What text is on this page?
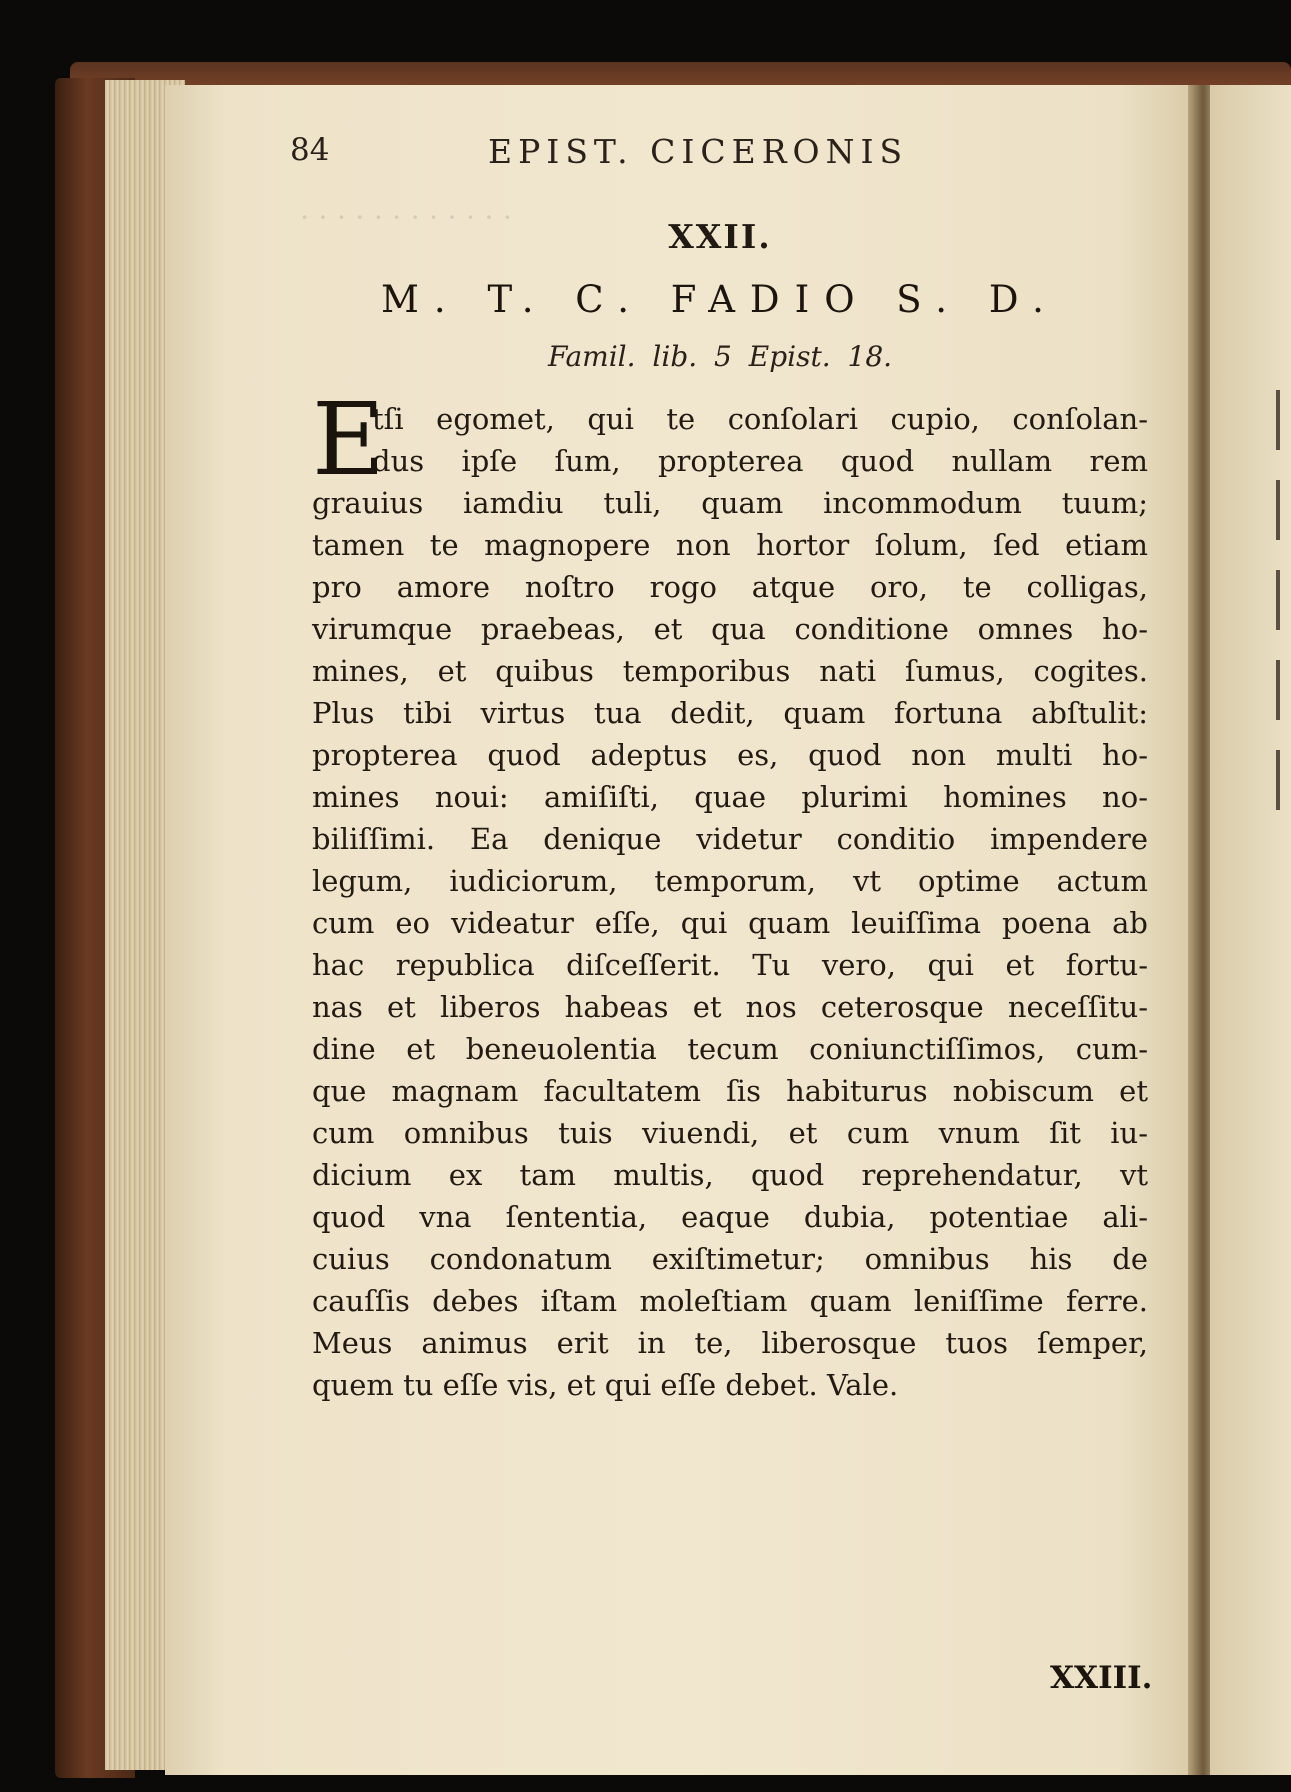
· · · · · · · · · · · ·
84	EPIST. CICERONIS
XXII.
M. T. C. FADIO S. D.
Famil. lib. 5 Epist. 18.
E
tſi egomet, qui te conſolari cupio, conſolan-
dus ipſe ſum, propterea quod nullam rem
grauius iamdiu tuli, quam incommodum tuum;
tamen te magnopere non hortor ſolum, ſed etiam
pro amore noſtro rogo atque oro, te colligas,
virumque praebeas, et qua conditione omnes ho-
mines, et quibus temporibus nati ſumus, cogites.
Plus tibi virtus tua dedit, quam fortuna abſtulit:
propterea quod adeptus es, quod non multi ho-
mines noui: amiſiſti, quae plurimi homines no-
biliſſimi. Ea denique videtur conditio impendere
legum, iudiciorum, temporum, vt optime actum
cum eo videatur eſſe, qui quam leuiſſima poena ab
hac republica diſceſſerit. Tu vero, qui et fortu-
nas et liberos habeas et nos ceterosque neceſſitu-
dine et beneuolentia tecum coniunctiſſimos, cum-
que magnam facultatem ſis habiturus nobiscum et
cum omnibus tuis viuendi, et cum vnum ſit iu-
dicium ex tam multis, quod reprehendatur, vt
quod vna ſententia, eaque dubia, potentiae ali-
cuius condonatum exiſtimetur; omnibus his de
cauſſis debes iſtam moleſtiam quam leniſſime ferre.
Meus animus erit in te, liberosque tuos ſemper,
quem tu eſſe vis, et qui eſſe debet. Vale.
XXIII.
